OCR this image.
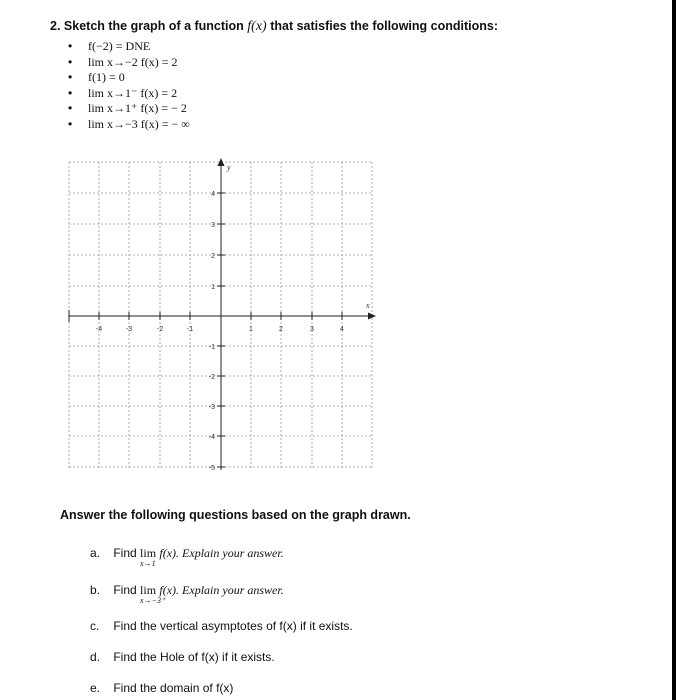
2. Sketch the graph of a function f(x) that satisfies the following conditions:
• f(−2) = DNE
• lim x→−2 f(x) = 2
• f(1) = 0
• lim x→1⁻ f(x) = 2
• lim x→1⁺ f(x) = − 2
• lim x→−3 f(x) = − ∞
-4	-3	-2	-1	1	2	3	4
4
3
2
1
-1
-2
-3
-4
-5
y
x
Answer the following questions based on the graph drawn.
a. Find lim
x→1
f(x). Explain your answer.
b. Find lim
x→−3⁺
f(x). Explain your answer.
c. Find the vertical asymptotes of f(x) if it exists.
d. Find the Hole of f(x) if it exists.
e. Find the domain of f(x)
